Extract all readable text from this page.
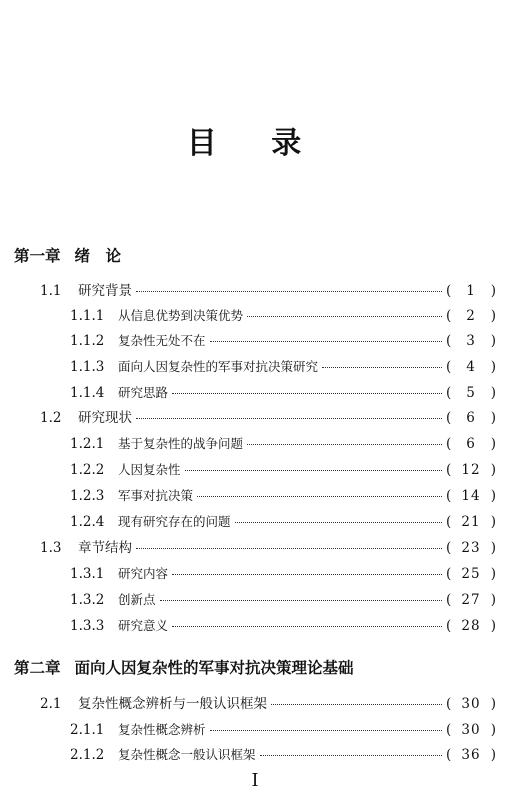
目 录
第一章 绪　论
1.1	研究背景	(	1	)
1.1.1	从信息优势到决策优势	(	2	)
1.1.2	复杂性无处不在	(	3	)
1.1.3	面向人因复杂性的军事对抗决策研究	(	4	)
1.1.4	研究思路	(	5	)
1.2	研究现状	(	6	)
1.2.1	基于复杂性的战争问题	(	6	)
1.2.2	人因复杂性	( 12 )
1.2.3	军事对抗决策	( 14 )
1.2.4	现有研究存在的问题	( 21 )
1.3	章节结构	( 23 )
1.3.1	研究内容	( 25 )
1.3.2	创新点	( 27 )
1.3.3	研究意义	( 28 )
第二章 面向人因复杂性的军事对抗决策理论基础
2.1	复杂性概念辨析与一般认识框架	( 30 )
2.1.1	复杂性概念辨析	( 30 )
2.1.2	复杂性概念一般认识框架	( 36 )
I
